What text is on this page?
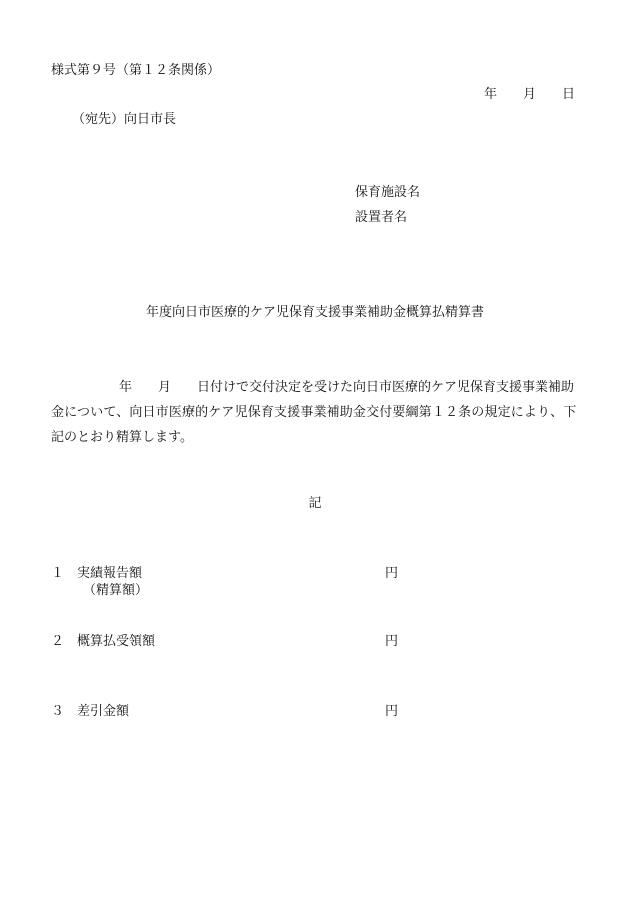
様式第９号（第１２条関係）
年　　月　　日
（宛先）向日市長
保育施設名
設置者名
年度向日市医療的ケア児保育支援事業補助金概算払精算書
年　　月　　日付けで交付決定を受けた向日市医療的ケア児保育支援事業補助
金について、向日市医療的ケア児保育支援事業補助金交付要綱第１２条の規定により、下
記のとおり精算します。
記
１ 実績報告額
（精算額）
円
２ 概算払受領額	円
３ 差引金額	円
